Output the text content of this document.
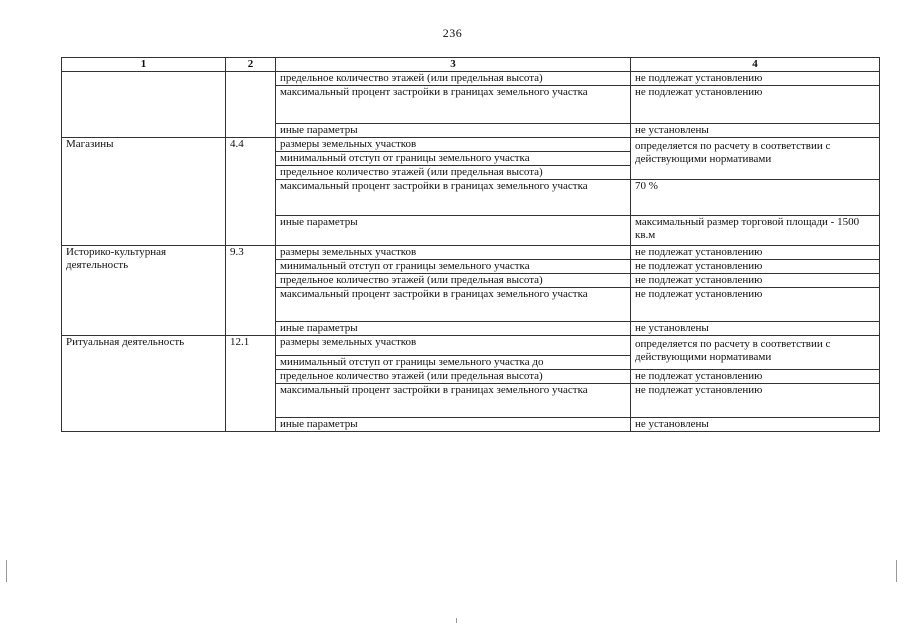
236
1	2	3	4
		предельное количество этажей (или предельная высота)	не подлежат установлению
		максимальный процент застройки в границах земельного участка	не подлежат установлению
		иные параметры	не установлены
Магазины	4.4	размеры земельных участков	определяется по расчету в соответствии с действующими нормативами
		минимальный отступ от границы земельного участка	
		предельное количество этажей (или предельная высота)	
		максимальный процент застройки в границах земельного участка	70 %
		иные параметры	максимальный размер торговой площади - 1500 кв.м
Историко-культурная деятельность	9.3	размеры земельных участков	не подлежат установлению
		минимальный отступ от границы земельного участка	не подлежат установлению
		предельное количество этажей (или предельная высота)	не подлежат установлению
		максимальный процент застройки в границах земельного участка	не подлежат установлению
		иные параметры	не установлены
Ритуальная деятельность	12.1	размеры земельных участков	определяется по расчету в соответствии с действующими нормативами
		минимальный отступ от границы земельного участка до	
		предельное количество этажей (или предельная высота)	не подлежат установлению
		максимальный процент застройки в границах земельного участка	не подлежат установлению
		иные параметры	не установлены
